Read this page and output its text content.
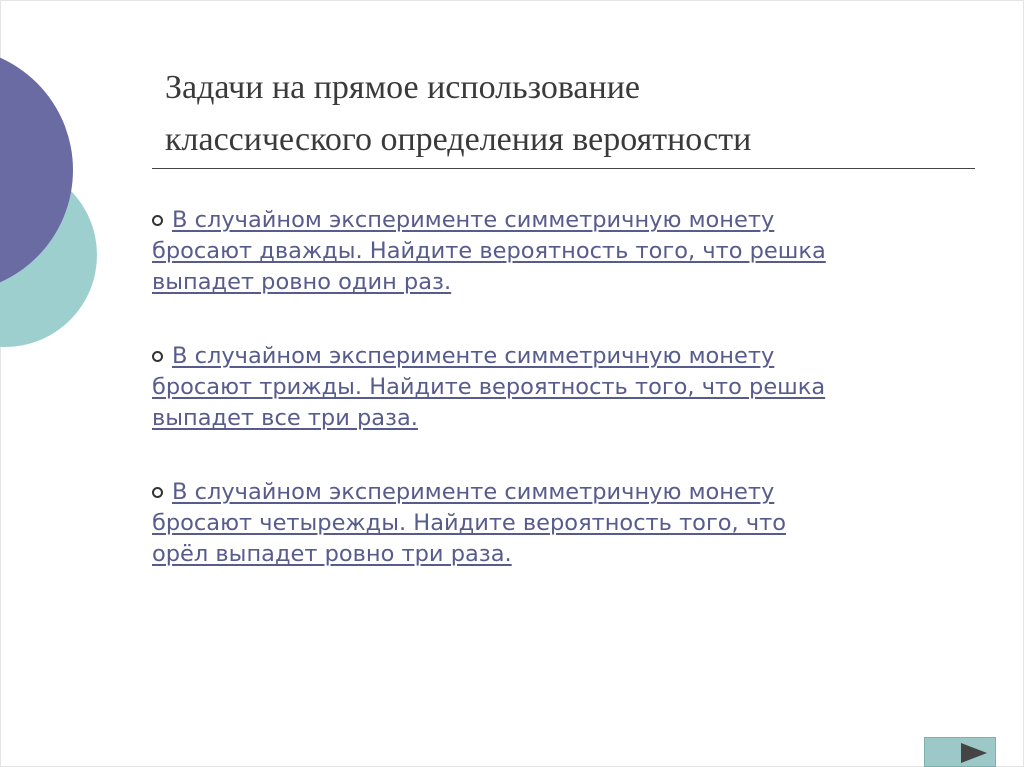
Задачи на прямое использование
классического определения вероятности
В случайном эксперименте симметричную монету
бросают дважды. Найдите вероятность того, что решка
выпадет ровно один раз.
В случайном эксперименте симметричную монету
бросают трижды. Найдите вероятность того, что решка
выпадет все три раза.
В случайном эксперименте симметричную монету
бросают четырежды. Найдите вероятность того, что
орёл выпадет ровно три раза.
